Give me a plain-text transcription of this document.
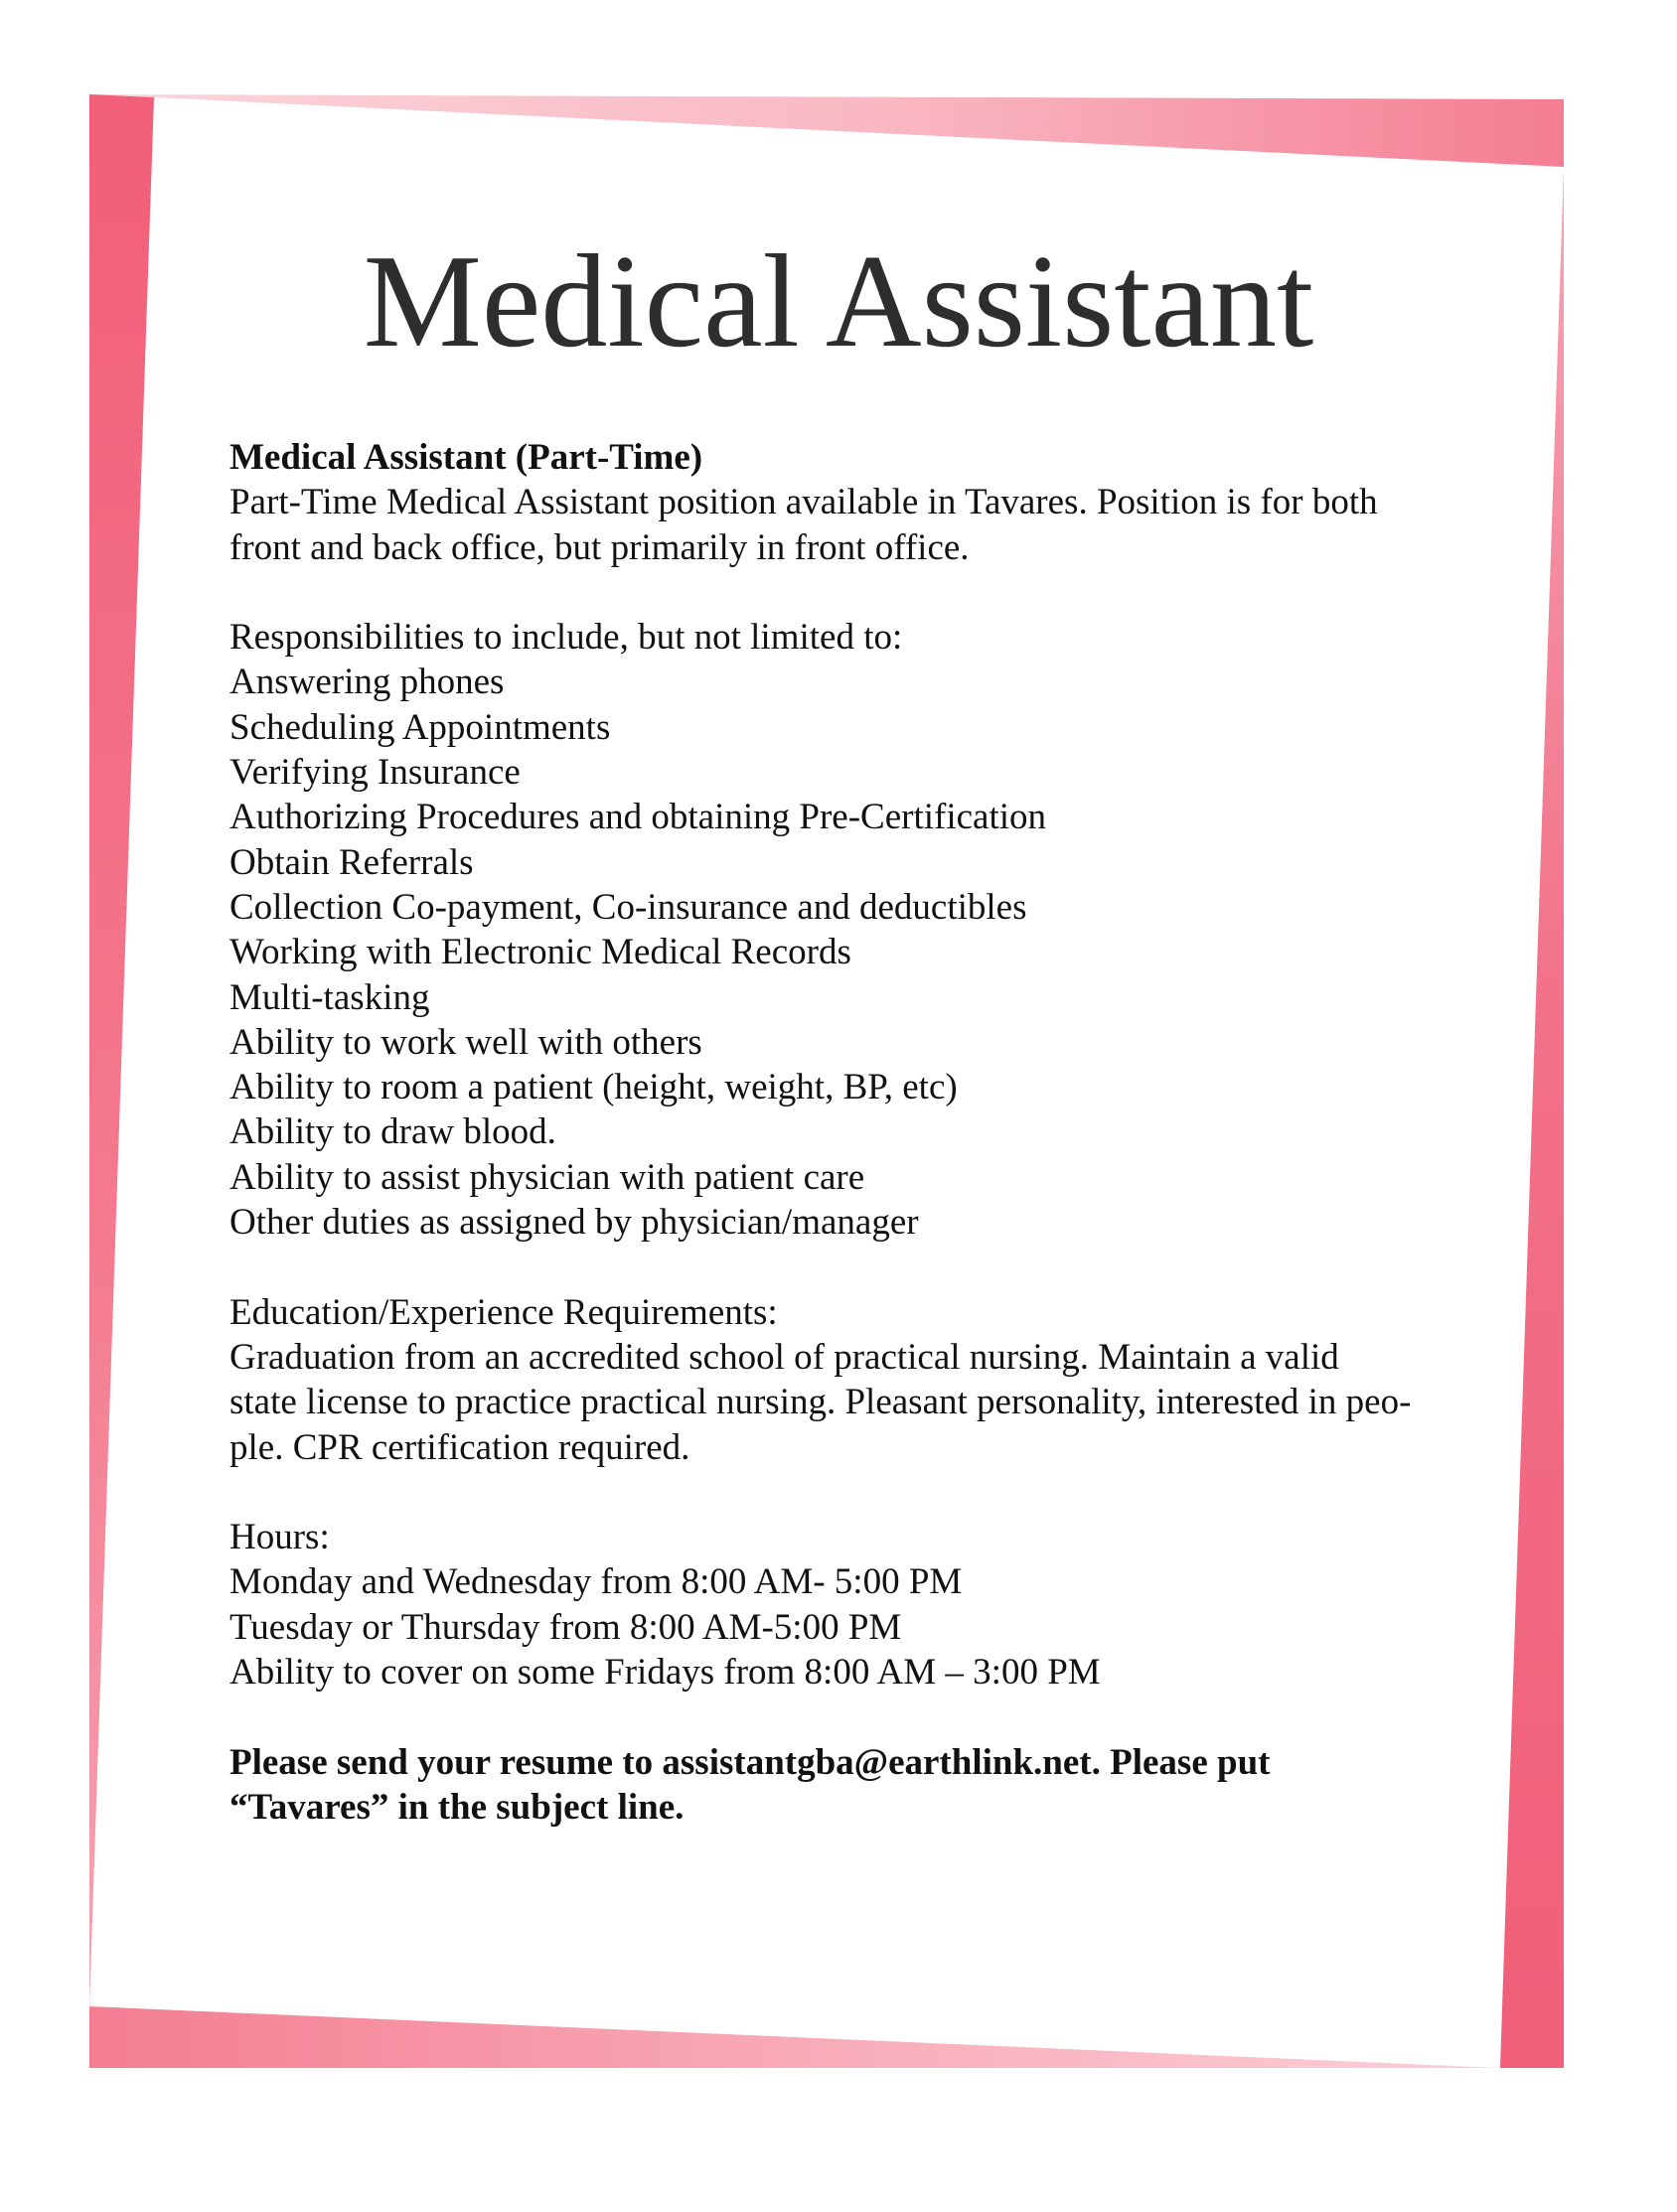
Medical Assistant
Medical Assistant (Part-Time)
Part-Time Medical Assistant position available in Tavares. Position is for both
front and back office, but primarily in front office.
Responsibilities to include, but not limited to:
Answering phones
Scheduling Appointments
Verifying Insurance
Authorizing Procedures and obtaining Pre-Certification
Obtain Referrals
Collection Co-payment, Co-insurance and deductibles
Working with Electronic Medical Records
Multi-tasking
Ability to work well with others
Ability to room a patient (height, weight, BP, etc)
Ability to draw blood.
Ability to assist physician with patient care
Other duties as assigned by physician/manager
Education/Experience Requirements:
Graduation from an accredited school of practical nursing. Maintain a valid
state license to practice practical nursing. Pleasant personality, interested in peo-
ple. CPR certification required.
Hours:
Monday and Wednesday from 8:00 AM- 5:00 PM
Tuesday or Thursday from 8:00 AM-5:00 PM
Ability to cover on some Fridays from 8:00 AM – 3:00 PM
Please send your resume to assistantgba@earthlink.net. Please put
“Tavares” in the subject line.
